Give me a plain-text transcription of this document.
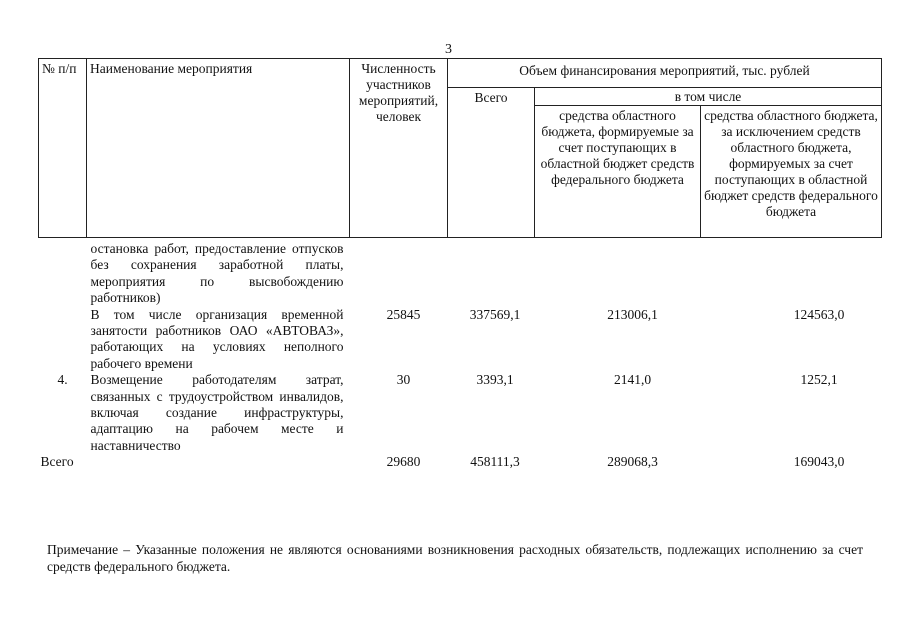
3
№ п/п	Наименование мероприятия	Численность участников мероприятий, человек	Объем финансирования мероприятий, тыс. рублей		
			Всего	в том числе	
				средства областного бюджета, формируемые за счет поступающих в областной бюджет средств федерального бюджета	средства областного бюджета, за исключением средств областного бюджета, формируемых за счет поступающих в областной бюджет средств федерального бюджета
	остановка работ, предоставление отпусков без сохранения заработной платы, мероприятия по высвобождению работников)				
	В том числе организация временной занятости работников ОАО «АВТОВАЗ», работающих на условиях неполного рабочего времени	25845	337569,1	213006,1	124563,0
4.	Возмещение работодателям затрат, связанных с трудоустройством инвалидов, включая создание инфраструктуры, адаптацию на рабочем месте и наставничество	30	3393,1	2141,0	1252,1
Всего		29680	458111,3	289068,3	169043,0
Примечание – Указанные положения не являются основаниями возникновения расходных обязательств, подлежащих исполнению за счет средств федерального бюджета.
